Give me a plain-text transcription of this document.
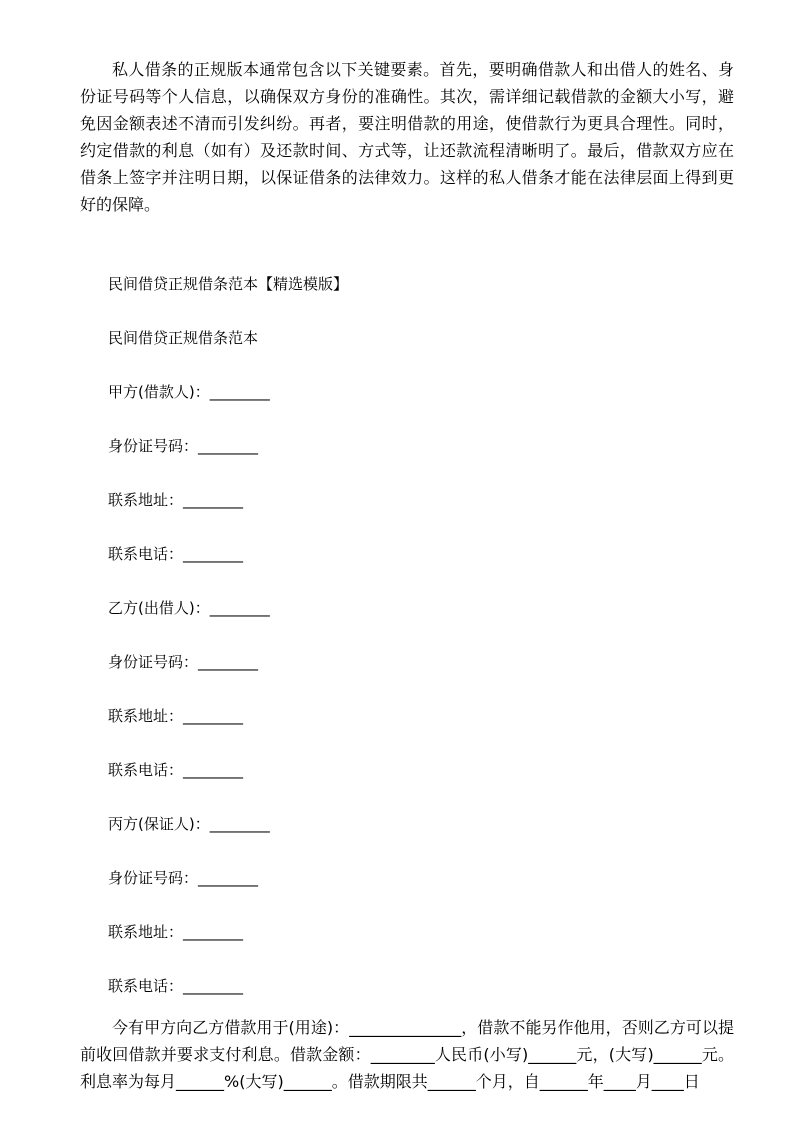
私人借条的正规版本通常包含以下关键要素。首先，要明确借款人和出借人的姓名、身份证号码等个人信息，以确保双方身份的准确性。其次，需详细记载借款的金额大小写，避免因金额表述不清而引发纠纷。再者，要注明借款的用途，使借款行为更具合理性。同时，约定借款的利息（如有）及还款时间、方式等，让还款流程清晰明了。最后，借款双方应在借条上签字并注明日期，以保证借条的法律效力。这样的私人借条才能在法律层面上得到更好的保障。

民间借贷正规借条范本【精选模版】

民间借贷正规借条范本

甲方(借款人)：________

身份证号码：________

联系地址：________

联系电话：________

乙方(出借人)：________

身份证号码：________

联系地址：________

联系电话：________

丙方(保证人)：________

身份证号码：________

联系地址：________

联系电话：________

今有甲方向乙方借款用于(用途)：______________，借款不能另作他用，否则乙方可以提前收回借款并要求支付利息。借款金额：________人民币(小写)______元，(大写)______元。利息率为每月______%(大写)______。借款期限共______个月，自______年____月____日
